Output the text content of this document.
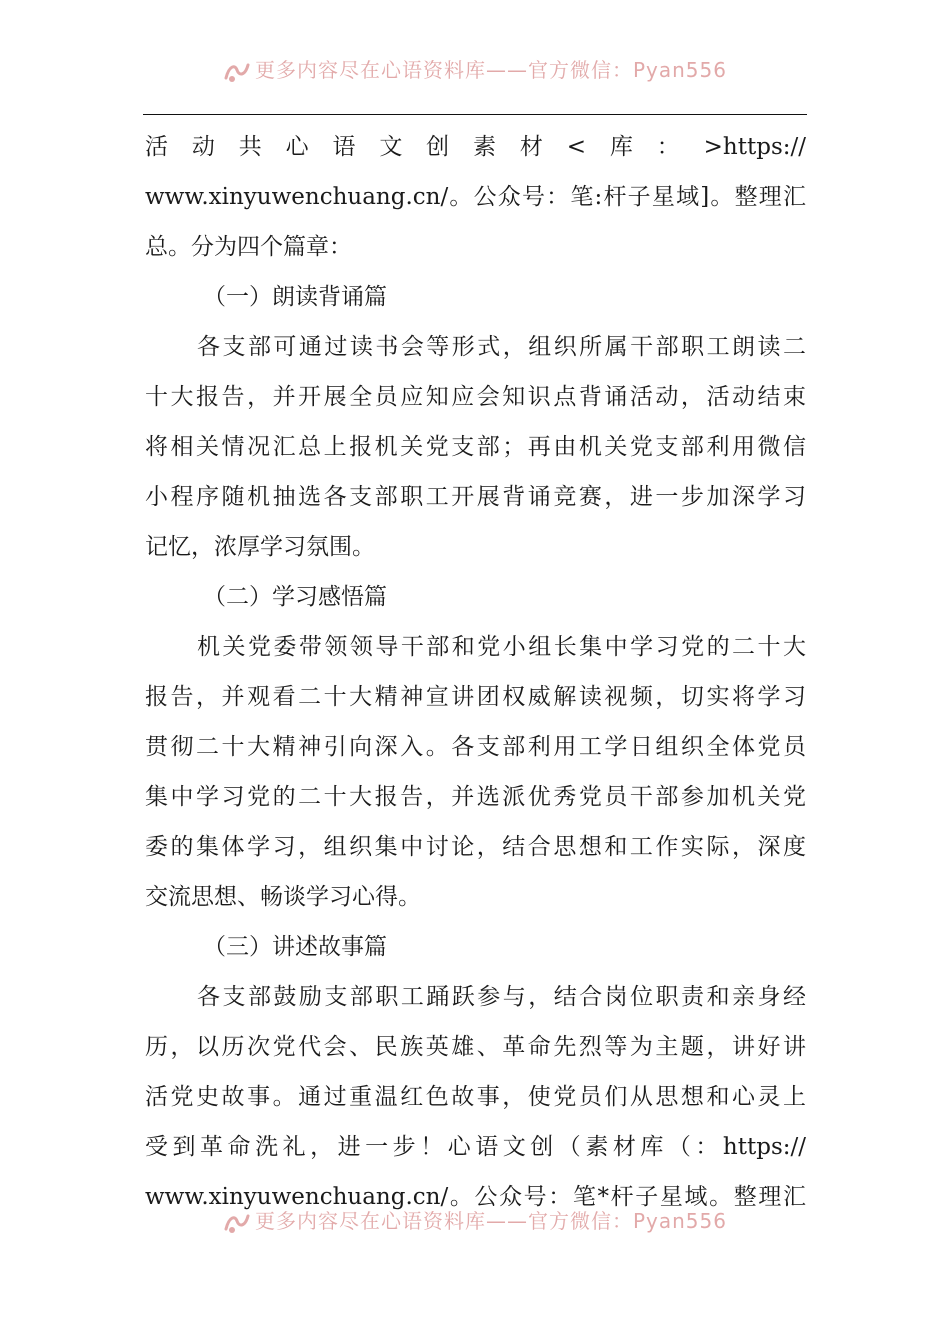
更多内容尽在心语资料库——官方微信：Pyan556
活动共心语文创素材<库：>https://
www.xinyuwenchuang.cn/。公众号：笔:杆子星域]。整理汇
总。分为四个篇章：
（一）朗读背诵篇
各支部可通过读书会等形式，组织所属干部职工朗读二
十大报告，并开展全员应知应会知识点背诵活动，活动结束
将相关情况汇总上报机关党支部；再由机关党支部利用微信
小程序随机抽选各支部职工开展背诵竞赛，进一步加深学习
记忆，浓厚学习氛围。
（二）学习感悟篇
机关党委带领领导干部和党小组长集中学习党的二十大
报告，并观看二十大精神宣讲团权威解读视频，切实将学习
贯彻二十大精神引向深入。各支部利用工学日组织全体党员
集中学习党的二十大报告，并选派优秀党员干部参加机关党
委的集体学习，组织集中讨论，结合思想和工作实际，深度
交流思想、畅谈学习心得。
（三）讲述故事篇
各支部鼓励支部职工踊跃参与，结合岗位职责和亲身经
历，以历次党代会、民族英雄、革命先烈等为主题，讲好讲
活党史故事。通过重温红色故事，使党员们从思想和心灵上
受到革命洗礼，进一步！心语文创（素材库（：https://
www.xinyuwenchuang.cn/。公众号：笔*杆子星域。整理汇
更多内容尽在心语资料库——官方微信：Pyan556
